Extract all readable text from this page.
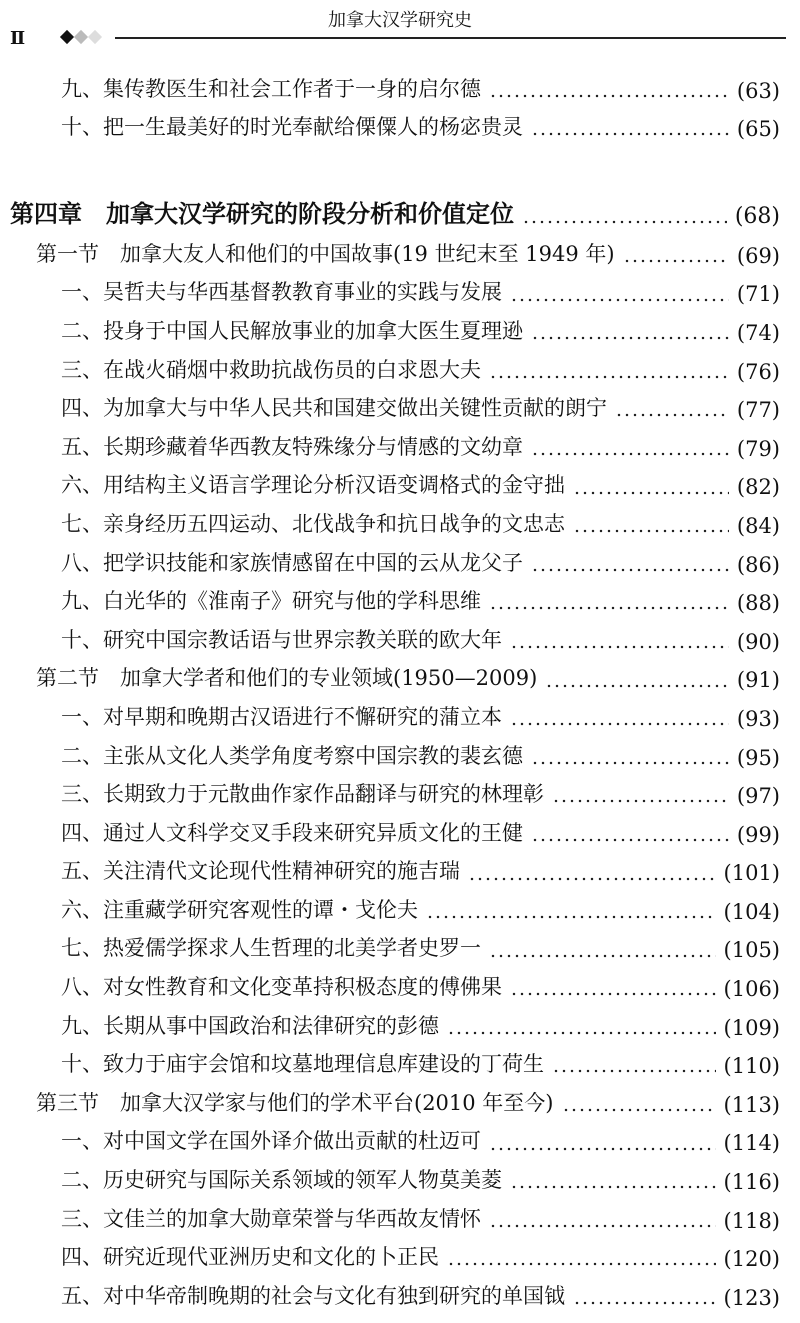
加拿大汉学研究史
Ⅱ
九、集传教医生和社会工作者于一身的启尔德	(63)
十、把一生最美好的时光奉献给傈僳人的杨宓贵灵	(65)
第四章　加拿大汉学研究的阶段分析和价值定位	(68)
第一节　加拿大友人和他们的中国故事(19 世纪末至 1949 年)	(69)
一、吴哲夫与华西基督教教育事业的实践与发展	(71)
二、投身于中国人民解放事业的加拿大医生夏理逊	(74)
三、在战火硝烟中救助抗战伤员的白求恩大夫	(76)
四、为加拿大与中华人民共和国建交做出关键性贡献的朗宁	(77)
五、长期珍藏着华西教友特殊缘分与情感的文幼章	(79)
六、用结构主义语言学理论分析汉语变调格式的金守拙	(82)
七、亲身经历五四运动、北伐战争和抗日战争的文忠志	(84)
八、把学识技能和家族情感留在中国的云从龙父子	(86)
九、白光华的《淮南子》研究与他的学科思维	(88)
十、研究中国宗教话语与世界宗教关联的欧大年	(90)
第二节　加拿大学者和他们的专业领域(1950—2009)	(91)
一、对早期和晚期古汉语进行不懈研究的蒲立本	(93)
二、主张从文化人类学角度考察中国宗教的裴玄德	(95)
三、长期致力于元散曲作家作品翻译与研究的林理彰	(97)
四、通过人文科学交叉手段来研究异质文化的王健	(99)
五、关注清代文论现代性精神研究的施吉瑞	(101)
六、注重藏学研究客观性的谭・戈伦夫	(104)
七、热爱儒学探求人生哲理的北美学者史罗一	(105)
八、对女性教育和文化变革持积极态度的傅佛果	(106)
九、长期从事中国政治和法律研究的彭德	(109)
十、致力于庙宇会馆和坟墓地理信息库建设的丁荷生	(110)
第三节　加拿大汉学家与他们的学术平台(2010 年至今)	(113)
一、对中国文学在国外译介做出贡献的杜迈可	(114)
二、历史研究与国际关系领域的领军人物莫美菱	(116)
三、文佳兰的加拿大勋章荣誉与华西故友情怀	(118)
四、研究近现代亚洲历史和文化的卜正民	(120)
五、对中华帝制晚期的社会与文化有独到研究的单国钺	(123)
